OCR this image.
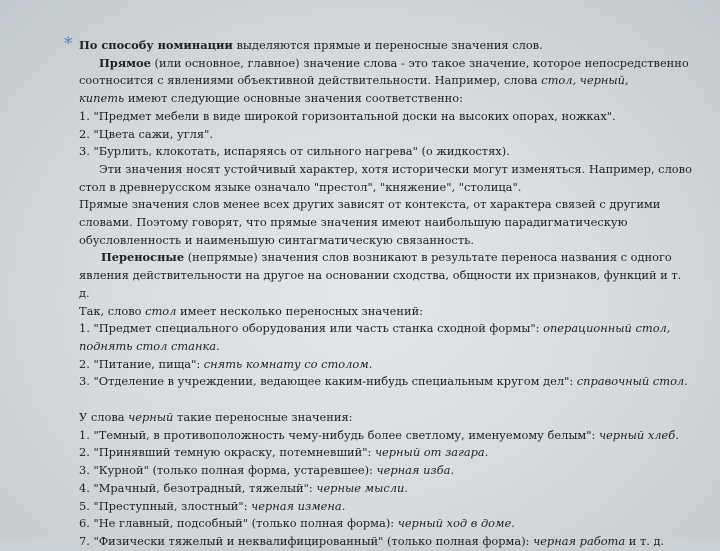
* По способу номинации выделяются прямые и переносные значения слов.
Прямое (или основное, главное) значение слова - это такое значение, которое непосредственно
соотносится с явлениями объективной действительности. Например, слова стол, черный,
кипеть имеют следующие основные значения соответственно:
1. "Предмет мебели в виде широкой горизонтальной доски на высоких опорах, ножках".
2. "Цвета сажи, угля".
3. "Бурлить, клокотать, испаряясь от сильного нагрева" (о жидкостях).
Эти значения носят устойчивый характер, хотя исторически могут изменяться. Например, слово
стол в древнерусском языке означало "престол", "княжение", "столица".
Прямые значения слов менее всех других зависят от контекста, от характера связей с другими
словами. Поэтому говорят, что прямые значения имеют наибольшую парадигматическую
обусловленность и наименьшую синтагматическую связанность.
Переносные (непрямые) значения слов возникают в результате переноса названия с одного
явления действительности на другое на основании сходства, общности их признаков, функций и т.
д.
Так, слово стол имеет несколько переносных значений:
1. "Предмет специального оборудования или часть станка сходной формы": операционный стол,
поднять стол станка.
2. "Питание, пища": снять комнату со столом.
3. "Отделение в учреждении, ведающее каким-нибудь специальным кругом дел": справочный стол.
У слова черный такие переносные значения:
1. "Темный, в противоположность чему-нибудь более светлому, именуемому белым": черный хлеб.
2. "Принявший темную окраску, потемневший": черный от загара.
3. "Курной" (только полная форма, устаревшее): черная изба.
4. "Мрачный, безотрадный, тяжелый": черные мысли.
5. "Преступный, злостный": черная измена.
6. "Не главный, подсобный" (только полная форма): черный ход в доме.
7. "Физически тяжелый и неквалифицированный" (только полная форма): черная работа и т. д.
